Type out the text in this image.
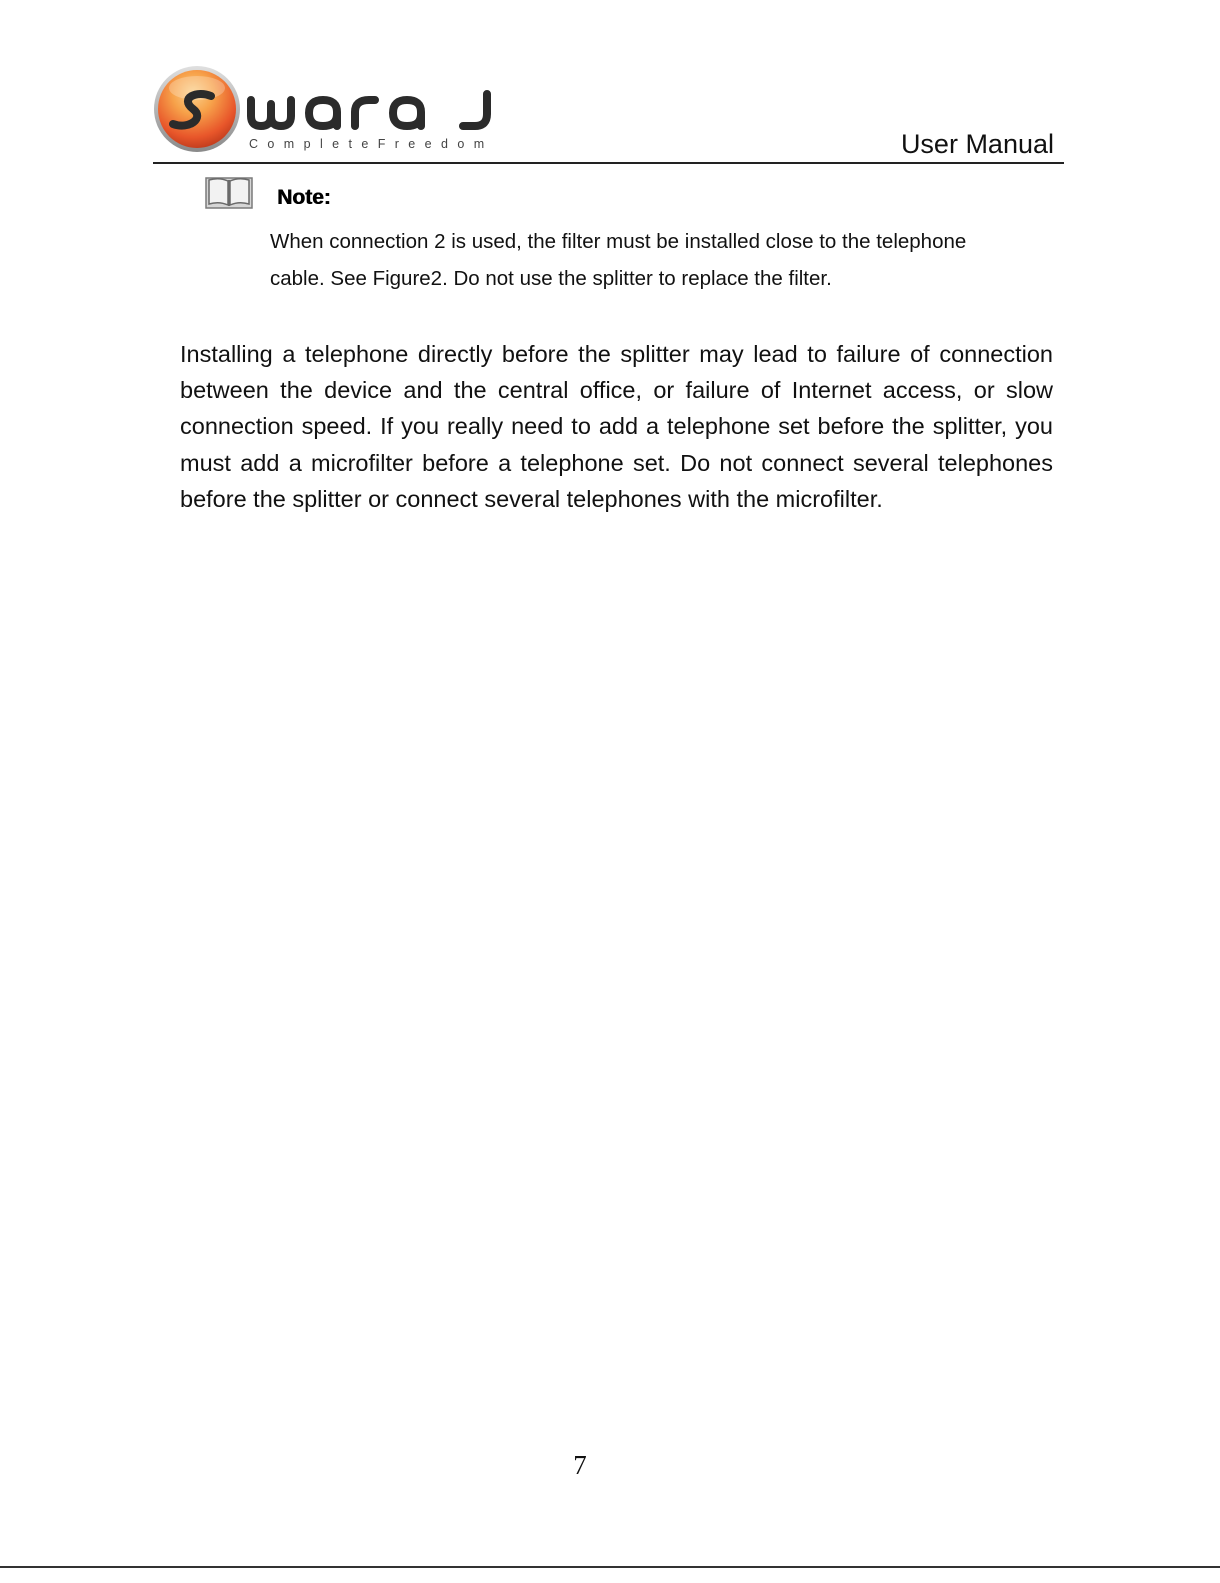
CompleteFreedom	User Manual
Note:

When connection 2 is used, the filter must be installed close to the telephone

cable. See Figure2. Do not use the splitter to replace the filter.

Installing a telephone directly before the splitter may lead to failure of connection between the device and the central office, or failure of Internet access, or slow connection speed. If you really need to add a telephone set before the splitter, you must add a microfilter before a telephone set. Do not connect several telephones before the splitter or connect several telephones with the microfilter.
7
